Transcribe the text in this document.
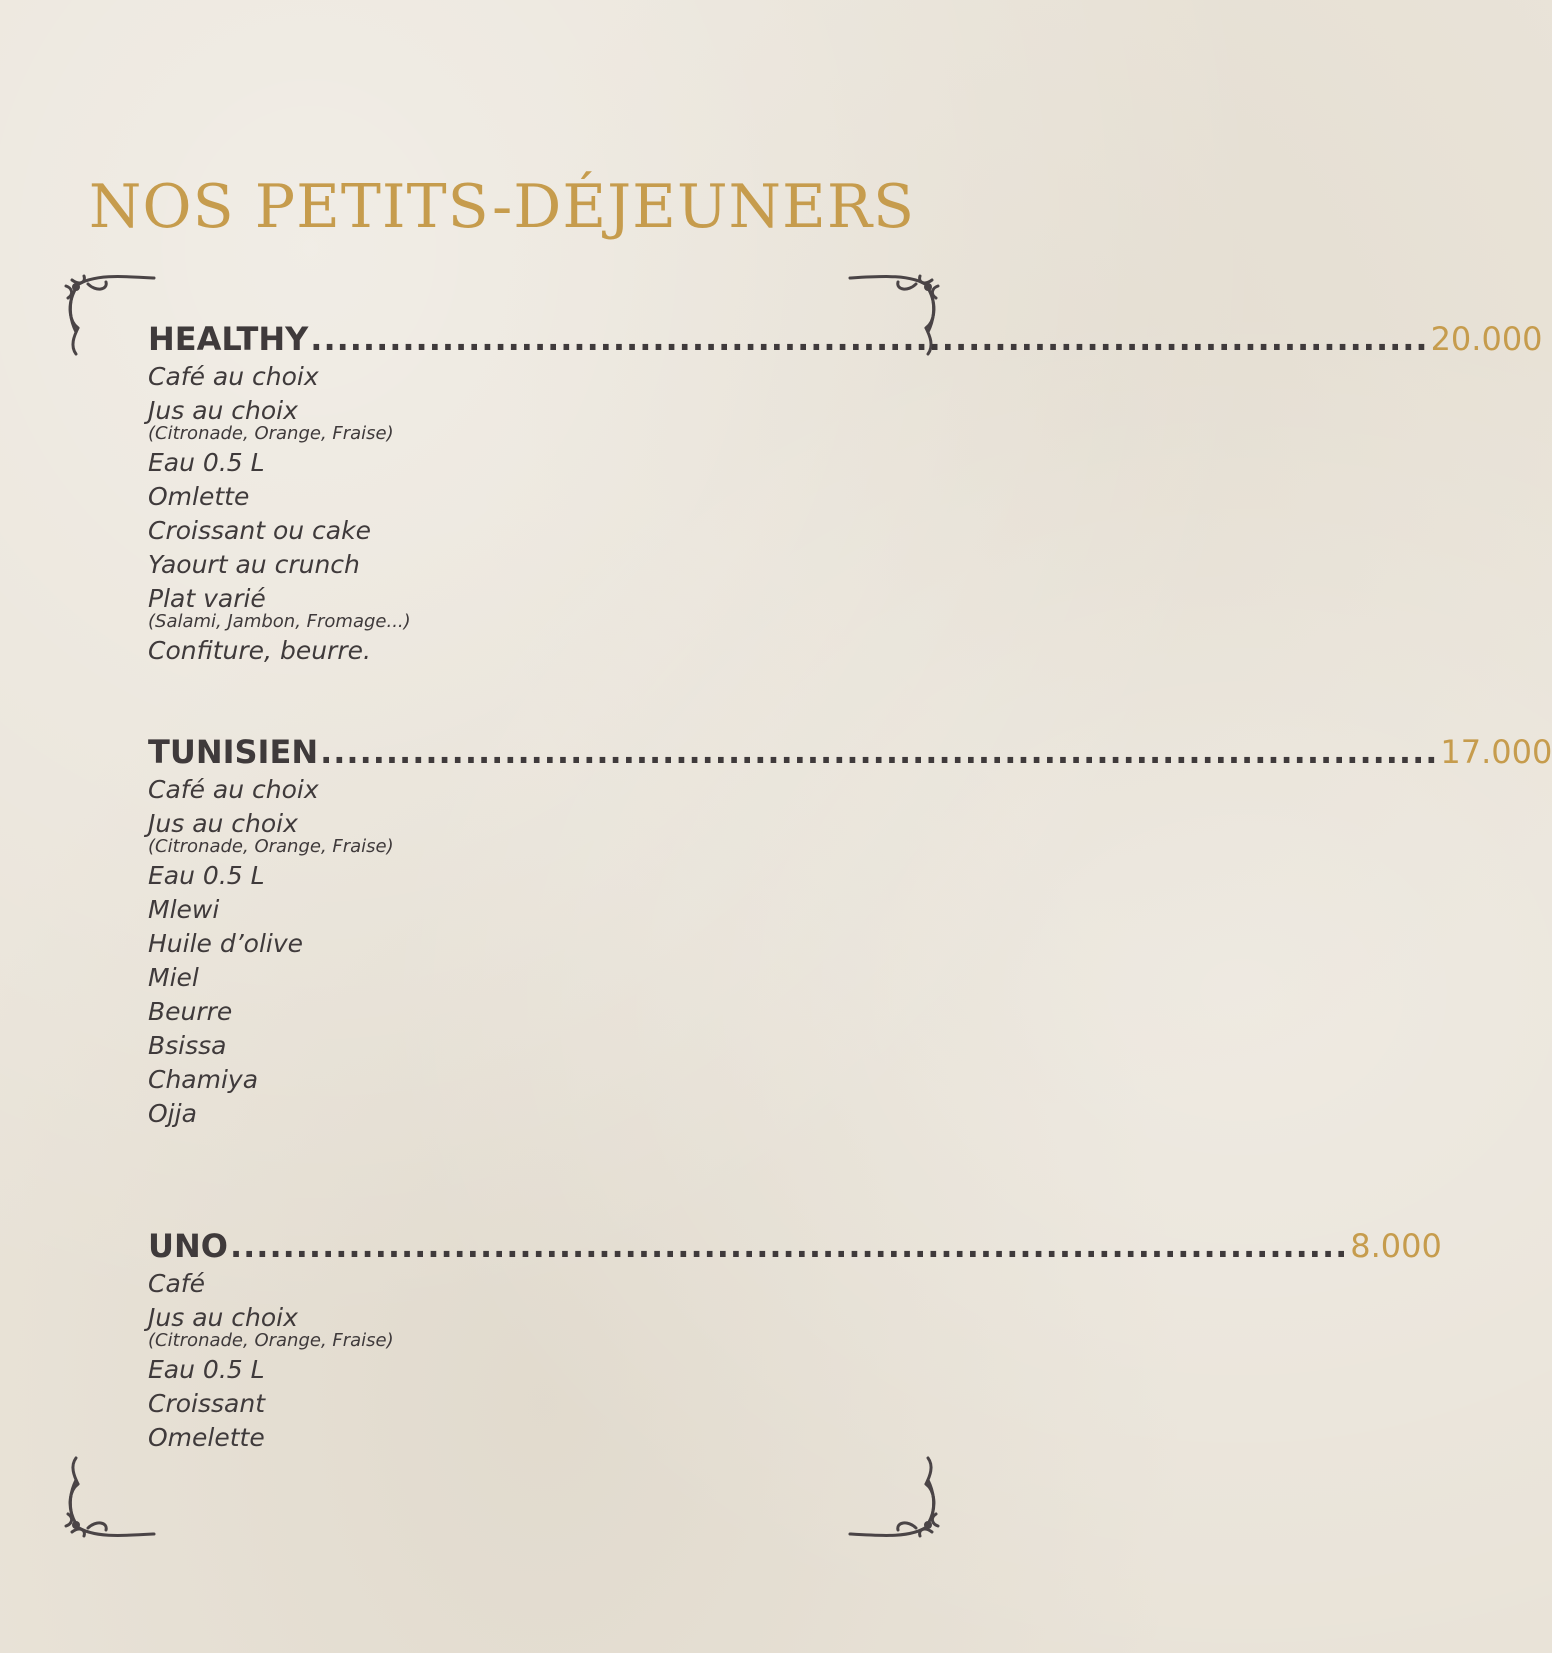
NOS PETITS-DÉJEUNERS
HEALTHY ..................................................................................... 20.000
Café au choix
Jus au choix
(Citronade, Orange, Fraise)
Eau 0.5 L
Omlette
Croissant ou cake
Yaourt au crunch
Plat varié
(Salami, Jambon, Fromage...)
Confiture, beurre.
TUNISIEN ..................................................................................... 17.000
Café au choix
Jus au choix
(Citronade, Orange, Fraise)
Eau 0.5 L
Mlewi
Huile d’olive
Miel
Beurre
Bsissa
Chamiya
Ojja
UNO ..................................................................................... 8.000
Café
Jus au choix
(Citronade, Orange, Fraise)
Eau 0.5 L
Croissant
Omelette
